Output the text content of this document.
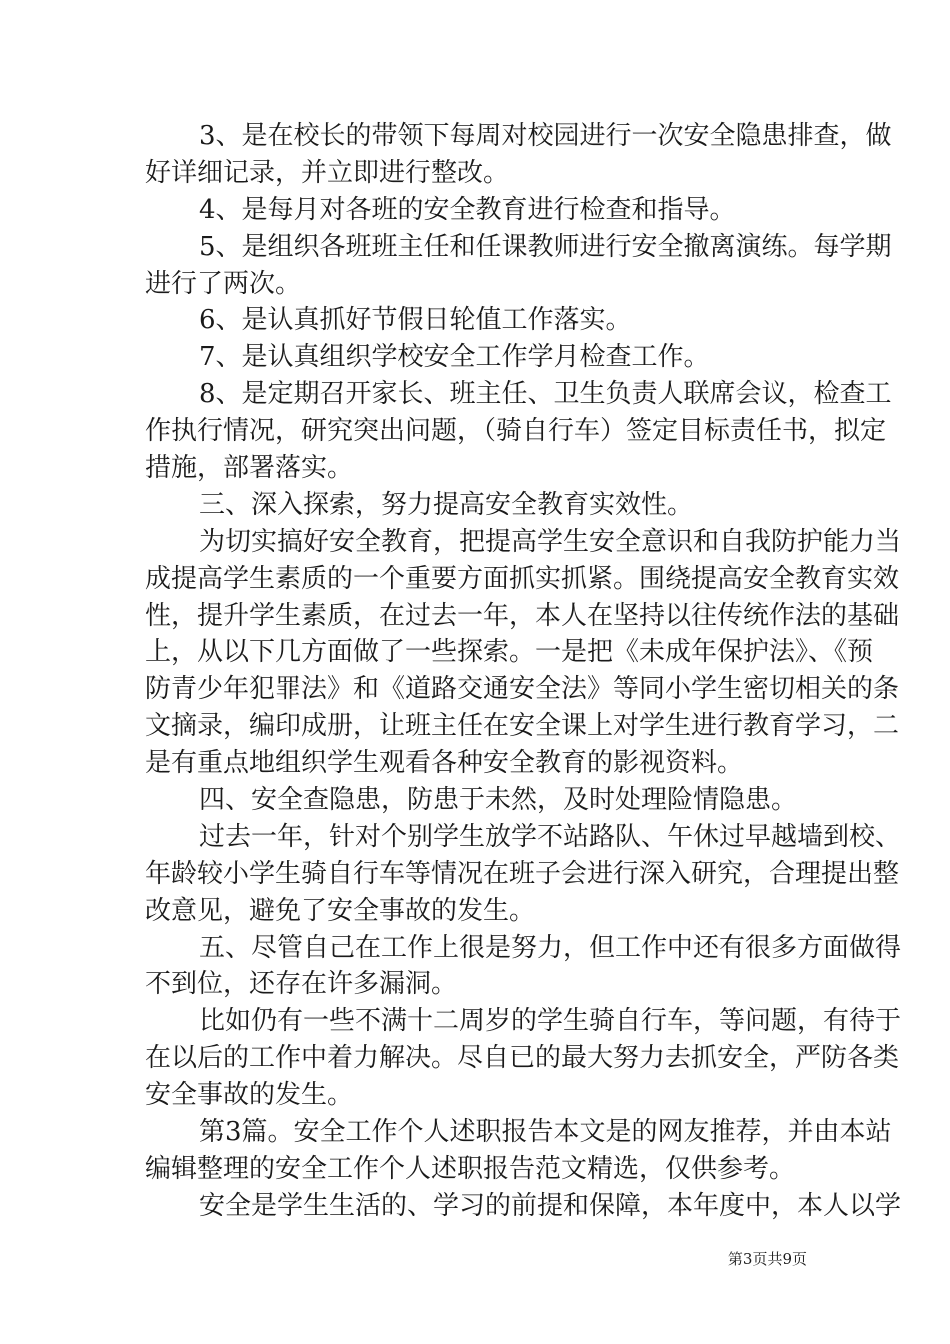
3、是在校长的带领下每周对校园进行一次安全隐患排查，做
好详细记录，并立即进行整改。
4、是每月对各班的安全教育进行检查和指导。
5、是组织各班班主任和任课教师进行安全撤离演练。每学期
进行了两次。
6、是认真抓好节假日轮值工作落实。
7、是认真组织学校安全工作学月检查工作。
8、是定期召开家长、班主任、卫生负责人联席会议，检查工
作执行情况，研究突出问题，（骑自行车）签定目标责任书，拟定
措施，部署落实。
三、深入探索，努力提高安全教育实效性。
为切实搞好安全教育，把提高学生安全意识和自我防护能力当
成提高学生素质的一个重要方面抓实抓紧。围绕提高安全教育实效
性，提升学生素质，在过去一年，本人在坚持以往传统作法的基础
上，从以下几方面做了一些探索。一是把《未成年保护法》、《预
防青少年犯罪法》和《道路交通安全法》等同小学生密切相关的条
文摘录，编印成册，让班主任在安全课上对学生进行教育学习，二
是有重点地组织学生观看各种安全教育的影视资料。
四、安全查隐患，防患于未然，及时处理险情隐患。
过去一年，针对个别学生放学不站路队、午休过早越墙到校、
年龄较小学生骑自行车等情况在班子会进行深入研究，合理提出整
改意见，避免了安全事故的发生。
五、尽管自己在工作上很是努力，但工作中还有很多方面做得
不到位，还存在许多漏洞。
比如仍有一些不满十二周岁的学生骑自行车，等问题，有待于
在以后的工作中着力解决。尽自已的最大努力去抓安全，严防各类
安全事故的发生。
第3篇。安全工作个人述职报告本文是的网友推荐，并由本站
编辑整理的安全工作个人述职报告范文精选，仅供参考。
安全是学生生活的、学习的前提和保障，本年度中，本人以学
第3页共9页
